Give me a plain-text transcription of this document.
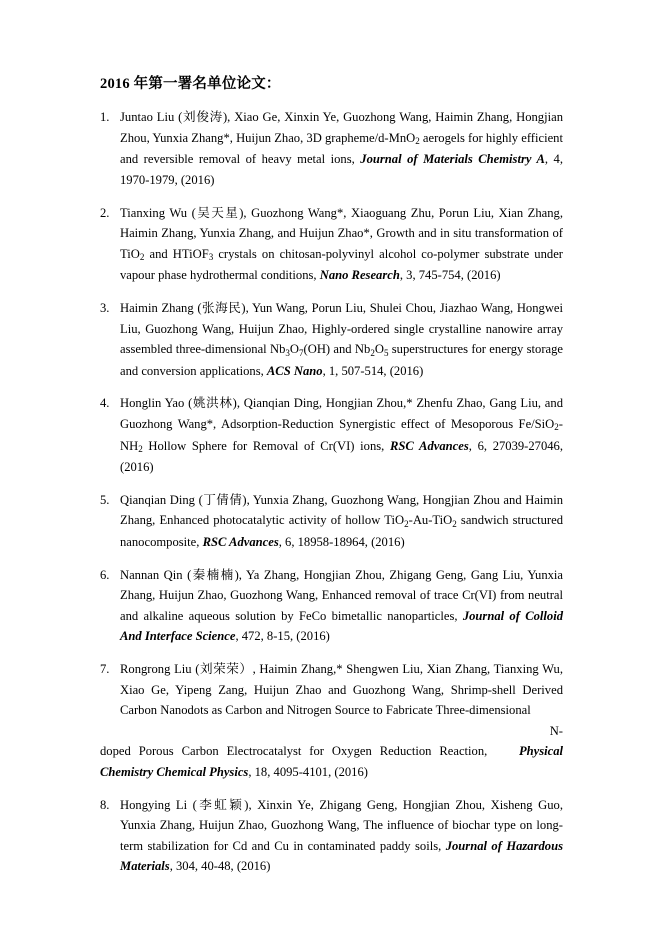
2016 年第一署名单位论文：
1. Juntao Liu (刘俊涛), Xiao Ge, Xinxin Ye, Guozhong Wang, Haimin Zhang, Hongjian Zhou, Yunxia Zhang*, Huijun Zhao, 3D grapheme/d-MnO$_2$ aerogels for highly efficient and reversible removal of heavy metal ions, Journal of Materials Chemistry A, 4, 1970-1979, (2016)
2. Tianxing Wu (吴天星), Guozhong Wang*, Xiaoguang Zhu, Porun Liu, Xian Zhang, Haimin Zhang, Yunxia Zhang, and Huijun Zhao*, Growth and in situ transformation of TiO$_2$ and HTiOF$_3$ crystals on chitosan-polyvinyl alcohol co-polymer substrate under vapour phase hydrothermal conditions, Nano Research, 3, 745-754, (2016)
3. Haimin Zhang (张海民), Yun Wang, Porun Liu, Shulei Chou, Jiazhao Wang, Hongwei Liu, Guozhong Wang, Huijun Zhao, Highly-ordered single crystalline nanowire array assembled three-dimensional $Nb_3O_7(OH)$ and $Nb_2O_5$ superstructures for energy storage and conversion applications, ACS Nano, 1, 507-514, (2016)
4. Honglin Yao (姚洪林), Qianqian Ding, Hongjian Zhou,* Zhenfu Zhao, Gang Liu, and Guozhong Wang*, Adsorption-Reduction Synergistic effect of Mesoporous $Fe/SiO_2-NH_2$ Hollow Sphere for Removal of Cr(VI) ions, RSC Advances, 6, 27039-27046, (2016)
5. Qianqian Ding (丁倩倩), Yunxia Zhang, Guozhong Wang, Hongjian Zhou and Haimin Zhang, Enhanced photocatalytic activity of hollow TiO$_2$-Au-TiO$_2$ sandwich structured nanocomposite, RSC Advances, 6, 18958-18964, (2016)
6. Nannan Qin (秦楠楠), Ya Zhang, Hongjian Zhou, Zhigang Geng, Gang Liu, Yunxia Zhang, Huijun Zhao, Guozhong Wang, Enhanced removal of trace Cr(VI) from neutral and alkaline aqueous solution by FeCo bimetallic nanoparticles, Journal of Colloid And Interface Science, 472, 8-15, (2016)
7. Rongrong Liu (刘荣荣）, Haimin Zhang,* Shengwen Liu, Xian Zhang, Tianxing Wu, Xiao Ge, Yipeng Zang, Huijun Zhao and Guozhong Wang, Shrimp-shell Derived Carbon Nanodots as Carbon and Nitrogen Source to Fabricate Three-dimensional
N-
doped Porous Carbon Electrocatalyst for Oxygen Reduction Reaction,	Physical Chemistry Chemical Physics, 18, 4095-4101, (2016)
8. Hongying Li (李虹颖), Xinxin Ye, Zhigang Geng, Hongjian Zhou, Xisheng Guo, Yunxia Zhang, Huijun Zhao, Guozhong Wang, The influence of biochar type on long-term stabilization for Cd and Cu in contaminated paddy soils, Journal of Hazardous Materials, 304, 40-48, (2016)
